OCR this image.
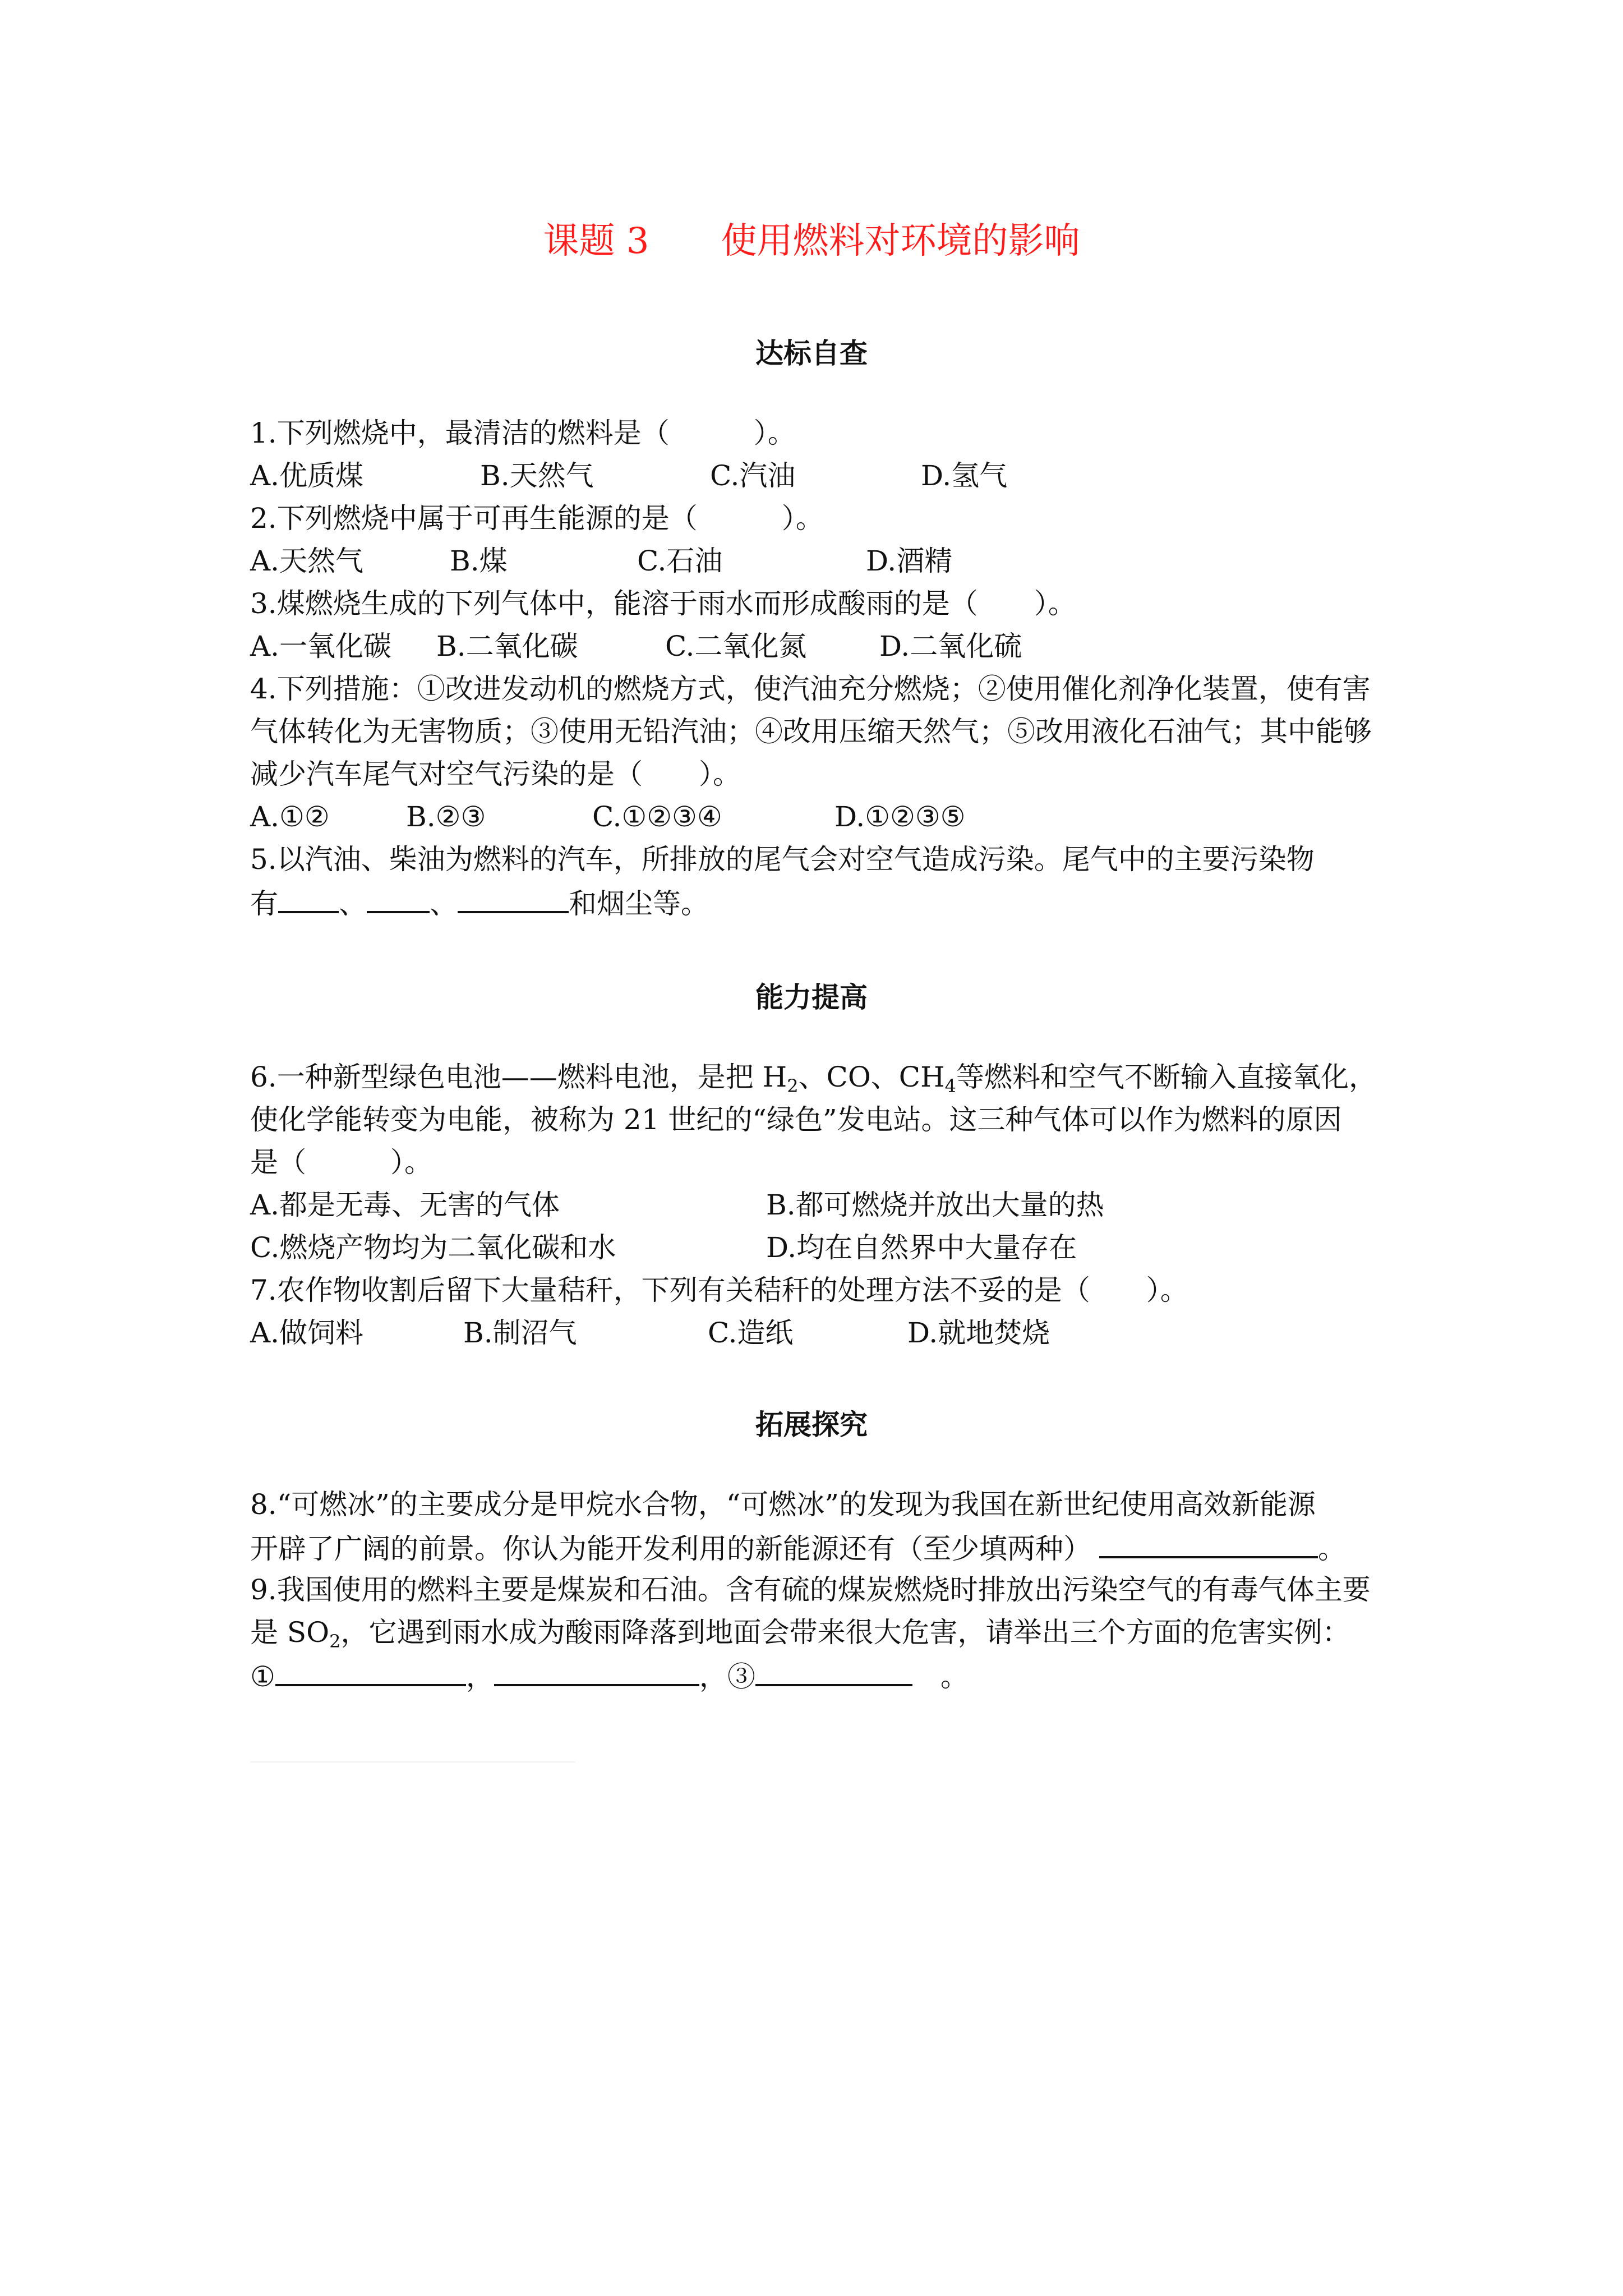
课题 3　　使用燃料对环境的影响
达标自查
1.下列燃烧中，最清洁的燃料是（　　　）。
A.优质煤	B.天然气	C.汽油	D.氢气
2.下列燃烧中属于可再生能源的是（　　　）。
A.天然气	B.煤	C.石油	D.酒精
3.煤燃烧生成的下列气体中，能溶于雨水而形成酸雨的是（　　）。
A.一氧化碳 B.二氧化碳	C.二氧化氮	D.二氧化硫
4.下列措施：①改进发动机的燃烧方式，使汽油充分燃烧；②使用催化剂净化装置，使有害
气体转化为无害物质；③使用无铅汽油；④改用压缩天然气；⑤改用液化石油气；其中能够
减少汽车尾气对空气污染的是（　　）。
A.①②	B.②③	C.①②③④	D.①②③⑤
5.以汽油、柴油为燃料的汽车，所排放的尾气会对空气造成污染。尾气中的主要污染物
有 、 、	和烟尘等。
能力提高
6.一种新型绿色电池——燃料电池，是把 $H_2$、CO、$CH_4$等燃料和空气不断输入直接氧化，
使化学能转变为电能，被称为 21 世纪的“绿色”发电站。这三种气体可以作为燃料的原因
是（　　　）。
A.都是无毒、无害的气体	B.都可燃烧并放出大量的热
C.燃烧产物均为二氧化碳和水	D.均在自然界中大量存在
7.农作物收割后留下大量秸秆，下列有关秸秆的处理方法不妥的是（　　）。
A.做饲料	B.制沼气	C.造纸	D.就地焚烧
拓展探究
8.“可燃冰”的主要成分是甲烷水合物，“可燃冰”的发现为我国在新世纪使用高效新能源
开辟了广阔的前景。你认为能开发利用的新能源还有（至少填两种）	。
9.我国使用的燃料主要是煤炭和石油。含有硫的煤炭燃烧时排放出污染空气的有毒气体主要
是 $SO_2$，它遇到雨水成为酸雨降落到地面会带来很大危害，请举出三个方面的危害实例：
①	，	，③	　。
